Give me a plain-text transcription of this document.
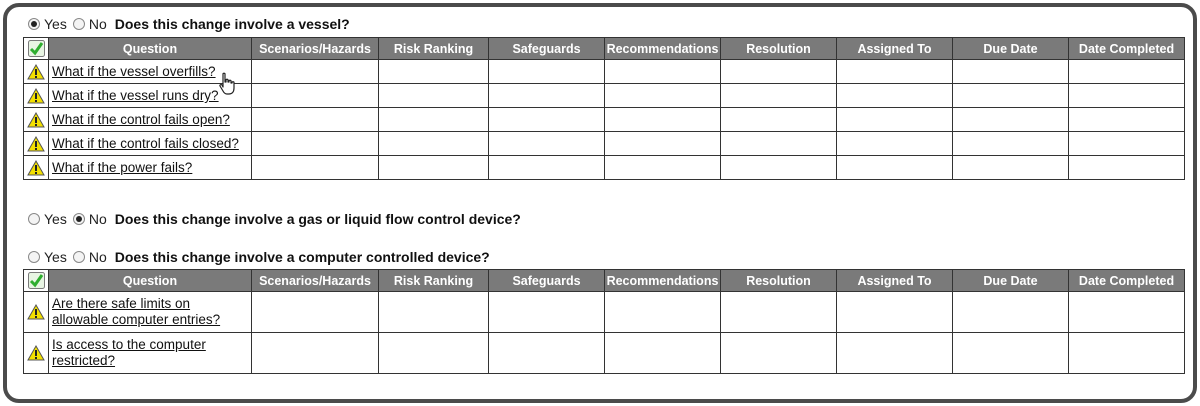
Yes No Does this change involve a vessel?
	Question	Scenarios/Hazards	Risk Ranking	Safeguards	Recommendations	Resolution	Assigned To	Due Date	Date Completed
	What if the vessel overfills?								
	What if the vessel runs dry?								
	What if the control fails open?								
	What if the control fails closed?								
	What if the power fails?								
Yes No Does this change involve a gas or liquid flow control device?
Yes No Does this change involve a computer controlled device?
	Question	Scenarios/Hazards	Risk Ranking	Safeguards	Recommendations	Resolution	Assigned To	Due Date	Date Completed
	Are there safe limits on
allowable computer entries?								
	Is access to the computer
restricted?								
